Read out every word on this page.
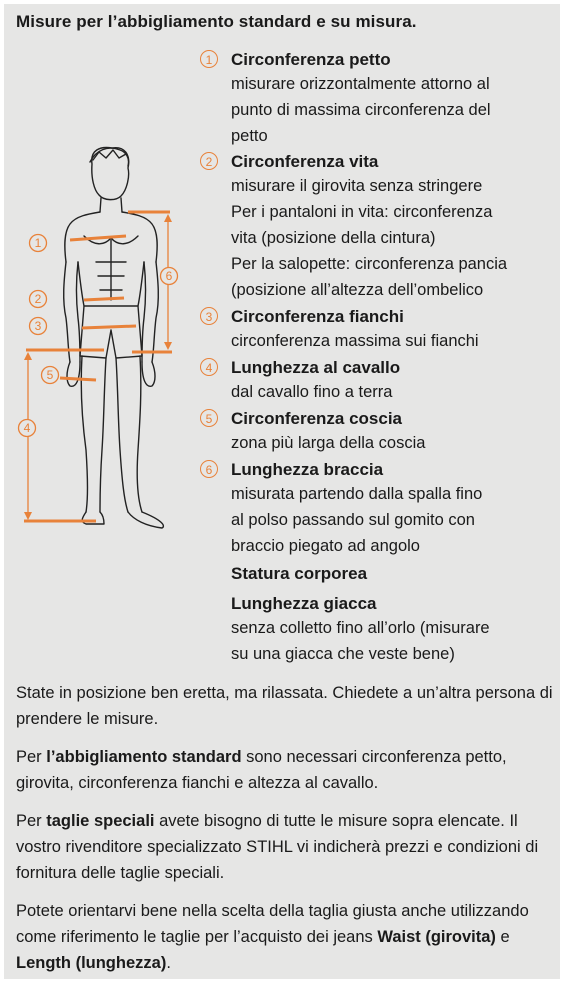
Misure per l’abbigliamento standard e su misura.
1
2
3
4
5
6
1	Circonferenza petto
misurare orizzontalmente attorno al
punto di massima circonferenza del
petto
2	Circonferenza vita
misurare il girovita senza stringere
Per i pantaloni in vita: circonferenza
vita (posizione della cintura)
Per la salopette: circonferenza pancia
(posizione all’altezza dell’ombelico
3	Circonferenza fianchi
circonferenza massima sui fianchi
4	Lunghezza al cavallo
dal cavallo fino a terra
5	Circonferenza coscia
zona più larga della coscia
6	Lunghezza braccia
misurata partendo dalla spalla fino
al polso passando sul gomito con
braccio piegato ad angolo
Statura corporea
Lunghezza giacca
senza colletto fino all’orlo (misurare
su una giacca che veste bene)
State in posizione ben eretta, ma rilassata. Chiedete a un’altra persona di prendere le misure.
Per l’abbigliamento standard sono necessari circonferenza petto, girovita, circonferenza fianchi e altezza al cavallo.
Per taglie speciali avete bisogno di tutte le misure sopra elencate. Il vostro rivenditore specializzato STIHL vi indicherà prezzi e condizioni di fornitura delle taglie speciali.
Potete orientarvi bene nella scelta della taglia giusta anche utilizzando come riferimento le taglie per l’acquisto dei jeans Waist (girovita) e Length (lunghezza).
